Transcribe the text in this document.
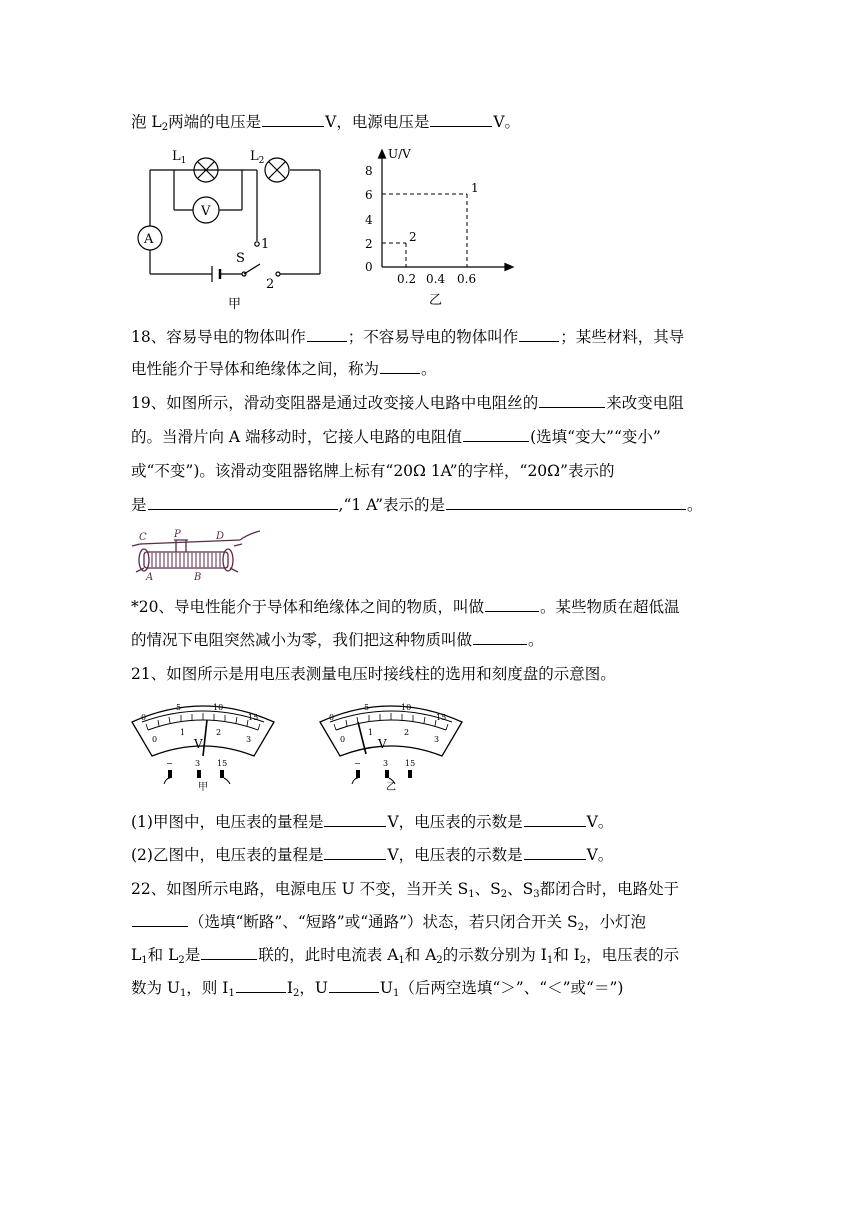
泡 $L_2$两端的电压是	V，电源电压是	V。
$L_1$	$L_2$
V
A
S
1
2
甲
U/V
8
6
4
2
0
0.2 0.4 0.6
1
2
乙
18、容易导电的物体叫作	；不容易导电的物体叫作	；某些材料，其导
电性能介于导体和绝缘体之间，称为	。
19、如图所示，滑动变阻器是通过改变接人电路中电阻丝的	来改变电阻
的。当滑片向 A 端移动时，它接人电路的电阻值	(选填“变大”“变小”
或“不变”)。该滑动变阻器铭牌上标有“20Ω 1A”的字样，“20Ω”表示的
是	,“1 A”表示的是	。
C	P	D
A	B
*20、导电性能介于导体和绝缘体之间的物质，叫做	。某些物质在超低温
的情况下电阻突然减小为零，我们把这种物质叫做	。
21、如图所示是用电压表测量电压时接线柱的选用和刻度盘的示意图。
0
5	10
15
0
1	2
3
V
−	3 15
甲
0
5	10
15
0
1	2
3
V
−	3 15
乙
(1)甲图中，电压表的量程是	V，电压表的示数是	V。
(2)乙图中，电压表的量程是	V，电压表的示数是	V。
22、如图所示电路，电源电压 U 不变，当开关 $S_1$、$S_2$、$S_3$都闭合时，电路处于
（选填“断路”、“短路”或“通路”）状态，若只闭合开关 $S_2$，小灯泡
$L_1$和 $L_2$是	联的，此时电流表 $A_1$和 $A_2$的示数分别为 $I_1$和 $I_2$，电压表的示
数为 $U_1$，则 $I_1$	$I_2$，U	$U_1$（后两空选填“＞”、“＜”或“＝”)
